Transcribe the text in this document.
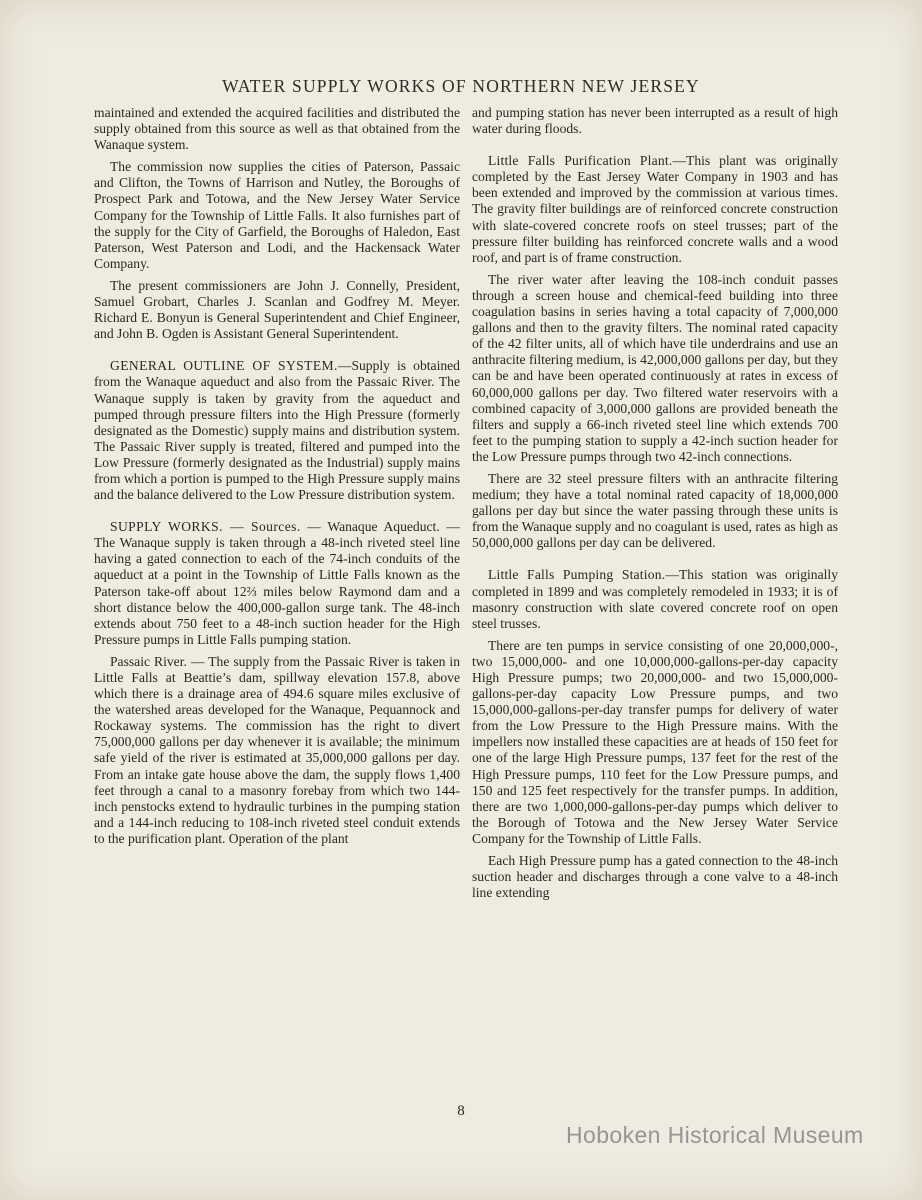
WATER SUPPLY WORKS OF NORTHERN NEW JERSEY

maintained and extended the acquired facilities and distributed the supply obtained from this source as well as that obtained from the Wanaque system.

The commission now supplies the cities of Paterson, Passaic and Clifton, the Towns of Harrison and Nutley, the Boroughs of Prospect Park and Totowa, and the New Jersey Water Service Company for the Township of Little Falls. It also furnishes part of the supply for the City of Garfield, the Boroughs of Haledon, East Paterson, West Paterson and Lodi, and the Hackensack Water Company.

The present commissioners are John J. Connelly, President, Samuel Grobart, Charles J. Scanlan and Godfrey M. Meyer. Richard E. Bonyun is General Superintendent and Chief Engineer, and John B. Ogden is Assistant General Superintendent.

GENERAL OUTLINE OF SYSTEM.—Supply is obtained from the Wanaque aqueduct and also from the Passaic River. The Wanaque supply is taken by gravity from the aqueduct and pumped through pressure filters into the High Pressure (formerly designated as the Domestic) supply mains and distribution system. The Passaic River supply is treated, filtered and pumped into the Low Pressure (formerly designated as the Industrial) supply mains from which a portion is pumped to the High Pressure supply mains and the balance delivered to the Low Pressure distribution system.

SUPPLY WORKS. — Sources. — Wanaque Aqueduct. — The Wanaque supply is taken through a 48-inch riveted steel line having a gated connection to each of the 74-inch conduits of the aqueduct at a point in the Township of Little Falls known as the Paterson take-off about 12⅔ miles below Raymond dam and a short distance below the 400,000-gallon surge tank. The 48-inch extends about 750 feet to a 48-inch suction header for the High Pressure pumps in Little Falls pumping station.

Passaic River. — The supply from the Passaic River is taken in Little Falls at Beattie’s dam, spillway elevation 157.8, above which there is a drainage area of 494.6 square miles exclusive of the watershed areas developed for the Wanaque, Pequannock and Rockaway systems. The commission has the right to divert 75,000,000 gallons per day whenever it is available; the minimum safe yield of the river is estimated at 35,000,000 gallons per day. From an intake gate house above the dam, the supply flows 1,400 feet through a canal to a masonry forebay from which two 144-inch penstocks extend to hydraulic turbines in the pumping station and a 144-inch reducing to 108-inch riveted steel conduit extends to the purification plant. Operation of the plant

and pumping station has never been interrupted as a result of high water during floods.

Little Falls Purification Plant.—This plant was originally completed by the East Jersey Water Company in 1903 and has been extended and improved by the commission at various times. The gravity filter buildings are of reinforced concrete construction with slate-covered concrete roofs on steel trusses; part of the pressure filter building has reinforced concrete walls and a wood roof, and part is of frame construction.

The river water after leaving the 108-inch conduit passes through a screen house and chemical-feed building into three coagulation basins in series having a total capacity of 7,000,000 gallons and then to the gravity filters. The nominal rated capacity of the 42 filter units, all of which have tile underdrains and use an anthracite filtering medium, is 42,000,000 gallons per day, but they can be and have been operated continuously at rates in excess of 60,000,000 gallons per day. Two filtered water reservoirs with a combined capacity of 3,000,000 gallons are provided beneath the filters and supply a 66-inch riveted steel line which extends 700 feet to the pumping station to supply a 42-inch suction header for the Low Pressure pumps through two 42-inch connections.

There are 32 steel pressure filters with an anthracite filtering medium; they have a total nominal rated capacity of 18,000,000 gallons per day but since the water passing through these units is from the Wanaque supply and no coagulant is used, rates as high as 50,000,000 gallons per day can be delivered.

Little Falls Pumping Station.—This station was originally completed in 1899 and was completely remodeled in 1933; it is of masonry construction with slate covered concrete roof on open steel trusses.

There are ten pumps in service consisting of one 20,000,000-, two 15,000,000- and one 10,000,000-gallons-per-day capacity High Pressure pumps; two 20,000,000- and two 15,000,000-gallons-per-day capacity Low Pressure pumps, and two 15,000,000-gallons-per-day transfer pumps for delivery of water from the Low Pressure to the High Pressure mains. With the impellers now installed these capacities are at heads of 150 feet for one of the large High Pressure pumps, 137 feet for the rest of the High Pressure pumps, 110 feet for the Low Pressure pumps, and 150 and 125 feet respectively for the transfer pumps. In addition, there are two 1,000,000-gallons-per-day pumps which deliver to the Borough of Totowa and the New Jersey Water Service Company for the Township of Little Falls.

Each High Pressure pump has a gated connection to the 48-inch suction header and discharges through a cone valve to a 48-inch line extending

8
Hoboken Historical Museum
